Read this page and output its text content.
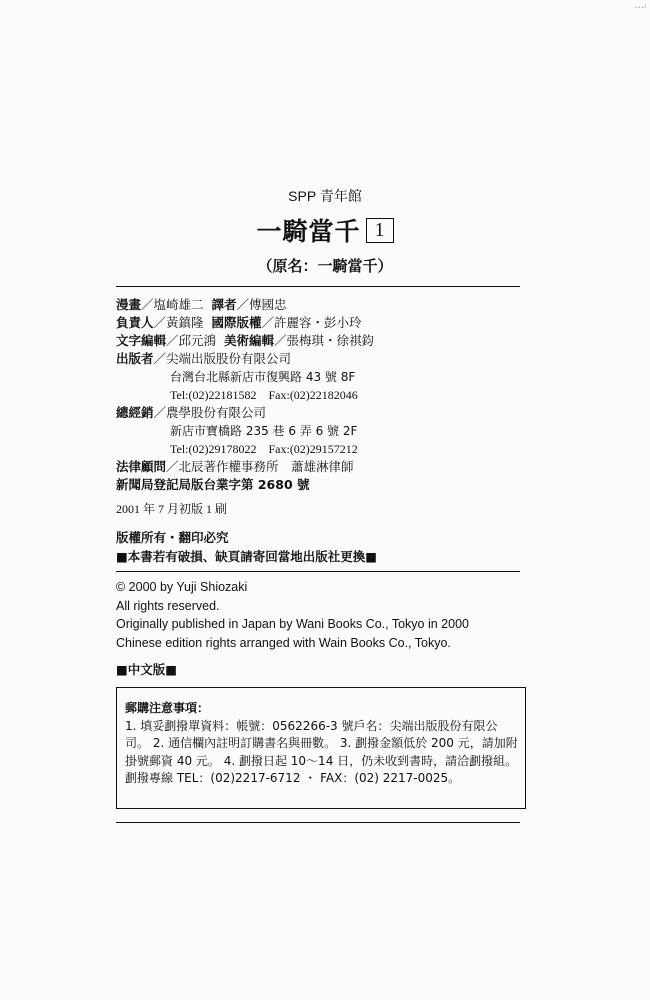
…ᵢ
SPP 青年館
一騎當千 1
（原名：一騎當千）
漫畫／塩崎雄二 譯者／傅國忠
負責人／黃鎮隆 國際版權／許麗容・彭小玲
文字編輯／邱元鴻 美術編輯／張梅琪・徐祺鈞
出版者／尖端出版股份有限公司
台灣台北縣新店市復興路 43 號 8F
Tel:(02)22181582　Fax:(02)22182046
總經銷／農學股份有限公司
新店市寶橋路 235 巷 6 弄 6 號 2F
Tel:(02)29178022　Fax:(02)29157212
法律顧問／北辰著作權事務所　蕭雄淋律師
新聞局登記局版台業字第 2680 號
2001 年 7 月初版 1 刷
版權所有・翻印必究
■本書若有破損、缺頁請寄回當地出版社更換■
© 2000 by Yuji Shiozaki
All rights reserved.
Originally published in Japan by Wani Books Co., Tokyo in 2000
Chinese edition rights arranged with Wain Books Co., Tokyo.
■中文版■
郵購注意事項：
1. 填妥劃撥單資料：帳號：0562266-3 號戶名：尖端出版股份有限公司。 2. 通信欄內註明訂購書名與冊數。 3. 劃撥金額低於 200 元，請加附掛號郵資 40 元。 4. 劃撥日起 10～14 日，仍未收到書時，請洽劃撥組。劃撥專線 TEL：(02)2217-6712 ・ FAX：(02) 2217-0025。
